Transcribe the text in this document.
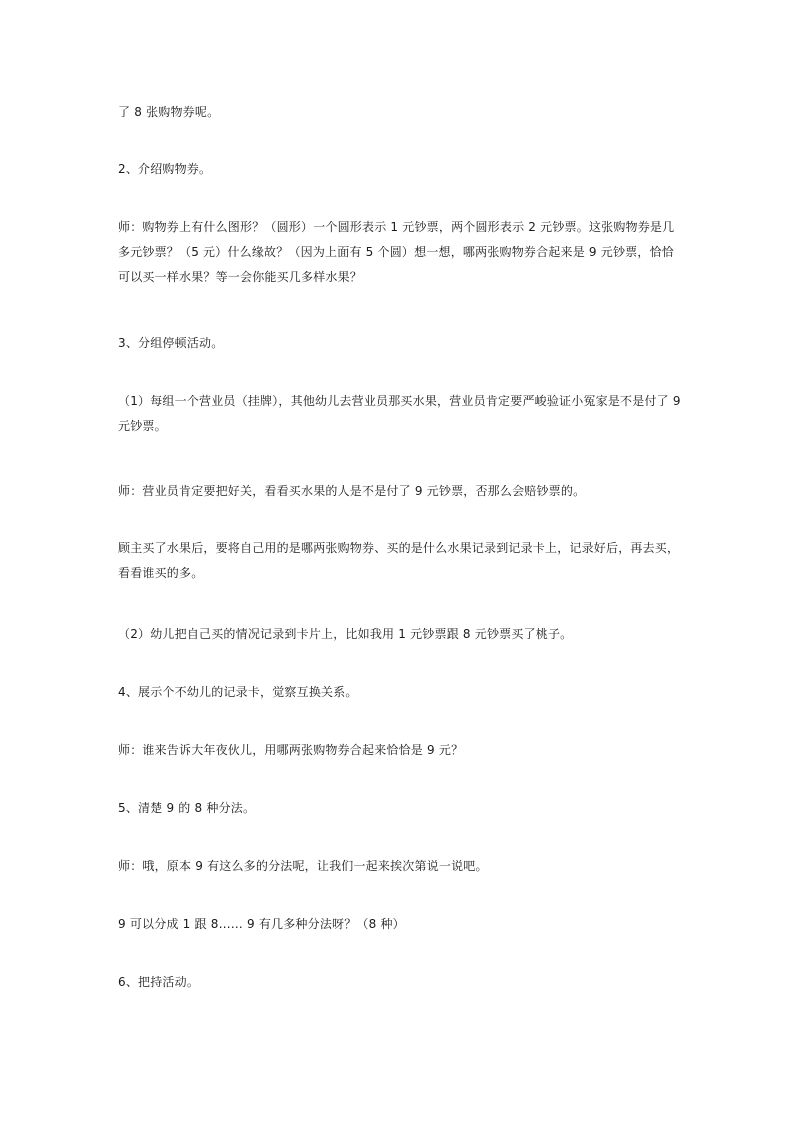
了 8 张购物券呢。

2、介绍购物券。

师：购物券上有什么图形？（圆形）一个圆形表示 1 元钞票，两个圆形表示 2 元钞票。这张购物券是几多元钞票？（5 元）什么缘故？（因为上面有 5 个圆）想一想，哪两张购物券合起来是 9 元钞票，恰恰可以买一样水果？等一会你能买几多样水果？

3、分组停顿活动。

（1）每组一个营业员（挂牌），其他幼儿去营业员那买水果，营业员肯定要严峻验证小冤家是不是付了 9 元钞票。

师：营业员肯定要把好关，看看买水果的人是不是付了 9 元钞票，否那么会赔钞票的。

顾主买了水果后，要将自己用的是哪两张购物券、买的是什么水果记录到记录卡上，记录好后，再去买，看看谁买的多。

（2）幼儿把自己买的情况记录到卡片上，比如我用 1 元钞票跟 8 元钞票买了桃子。

4、展示个不幼儿的记录卡，觉察互换关系。

师：谁来告诉大年夜伙儿，用哪两张购物券合起来恰恰是 9 元？

5、清楚 9 的 8 种分法。

师：哦，原本 9 有这么多的分法呢，让我们一起来挨次第说一说吧。

9 可以分成 1 跟 8…… 9 有几多种分法呀？（8 种）

6、把持活动。
